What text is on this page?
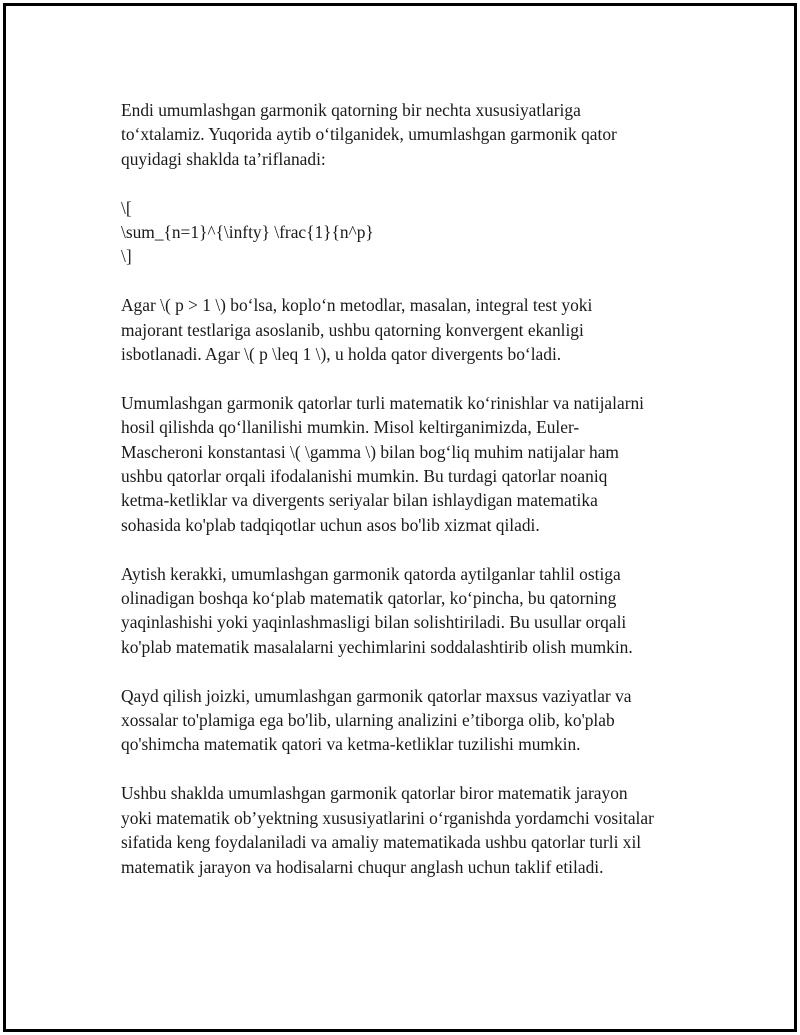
Endi umumlashgan garmonik qatorning bir nechta xususiyatlariga
to‘xtalamiz. Yuqorida aytib o‘tilganidek, umumlashgan garmonik qator
quyidagi shaklda ta’riflanadi:

\[
\sum_{n=1}^{\infty} \frac{1}{n^p}
\]

Agar \( p > 1 \) bo‘lsa, koplo‘n metodlar, masalan, integral test yoki
majorant testlariga asoslanib, ushbu qatorning konvergent ekanligi
isbotlanadi. Agar \( p \leq 1 \), u holda qator divergents bo‘ladi.

Umumlashgan garmonik qatorlar turli matematik ko‘rinishlar va natijalarni
hosil qilishda qo‘llanilishi mumkin. Misol keltirganimizda, Euler-
Mascheroni konstantasi \( \gamma \) bilan bog‘liq muhim natijalar ham
ushbu qatorlar orqali ifodalanishi mumkin. Bu turdagi qatorlar noaniq
ketma-ketliklar va divergents seriyalar bilan ishlaydigan matematika
sohasida ko'plab tadqiqotlar uchun asos bo'lib xizmat qiladi.

Aytish kerakki, umumlashgan garmonik qatorda aytilganlar tahlil ostiga
olinadigan boshqa ko‘plab matematik qatorlar, ko‘pincha, bu qatorning
yaqinlashishi yoki yaqinlashmasligi bilan solishtiriladi. Bu usullar orqali
ko'plab matematik masalalarni yechimlarini soddalashtirib olish mumkin.

Qayd qilish joizki, umumlashgan garmonik qatorlar maxsus vaziyatlar va
xossalar to'plamiga ega bo'lib, ularning analizini e’tiborga olib, ko'plab
qo'shimcha matematik qatori va ketma-ketliklar tuzilishi mumkin.

Ushbu shaklda umumlashgan garmonik qatorlar biror matematik jarayon
yoki matematik ob’yektning xususiyatlarini o‘rganishda yordamchi vositalar
sifatida keng foydalaniladi va amaliy matematikada ushbu qatorlar turli xil
matematik jarayon va hodisalarni chuqur anglash uchun taklif etiladi.
